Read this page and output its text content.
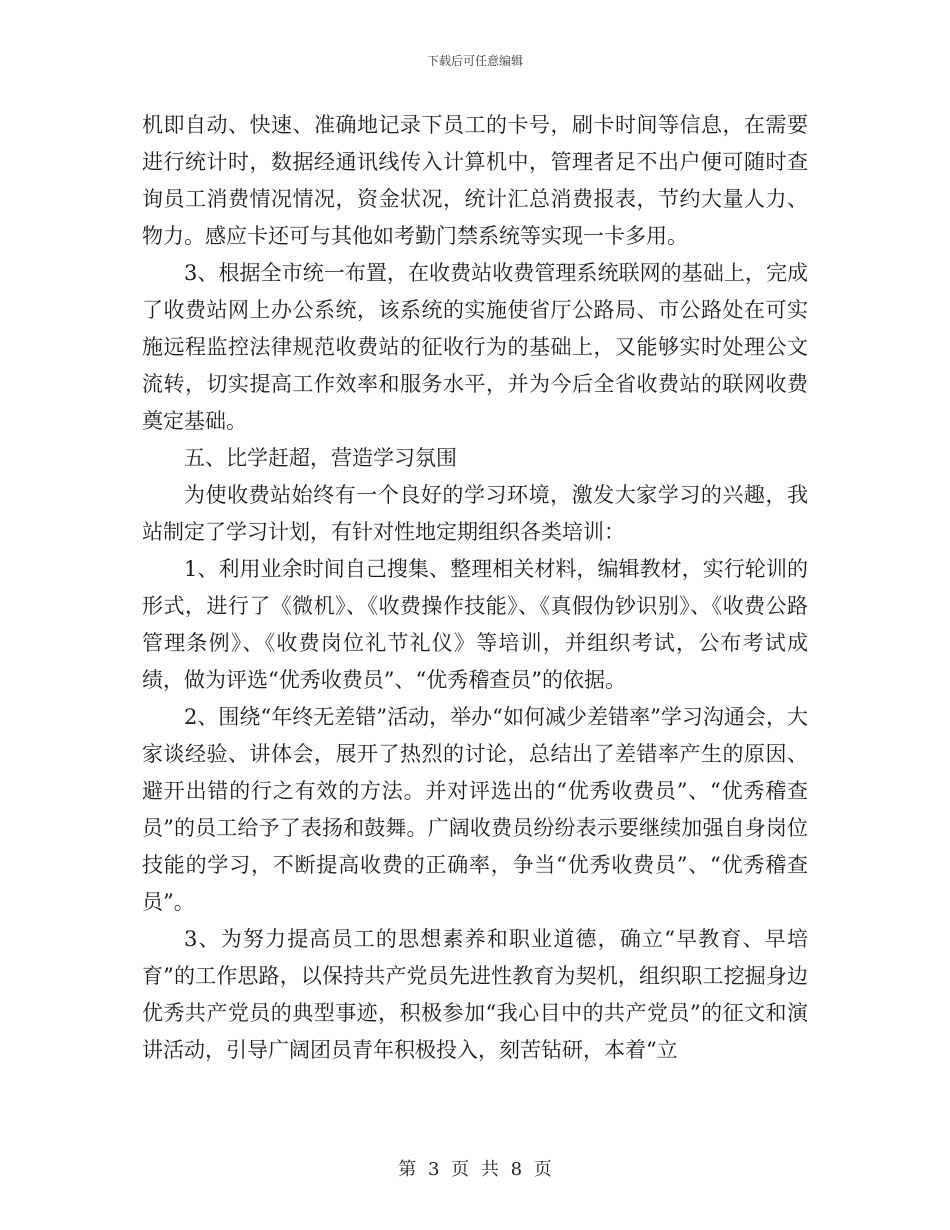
下载后可任意编辑

机即自动、快速、准确地记录下员工的卡号，刷卡时间等信息，在需要进行统计时，数据经通讯线传入计算机中，管理者足不出户便可随时查询员工消费情况情况，资金状况，统计汇总消费报表，节约大量人力、物力。感应卡还可与其他如考勤门禁系统等实现一卡多用。

3、根据全市统一布置，在收费站收费管理系统联网的基础上，完成了收费站网上办公系统，该系统的实施使省厅公路局、市公路处在可实施远程监控法律规范收费站的征收行为的基础上，又能够实时处理公文流转，切实提高工作效率和服务水平，并为今后全省收费站的联网收费奠定基础。

五、比学赶超，营造学习氛围

为使收费站始终有一个良好的学习环境，激发大家学习的兴趣，我站制定了学习计划，有针对性地定期组织各类培训：

1、利用业余时间自己搜集、整理相关材料，编辑教材，实行轮训的形式，进行了《微机》、《收费操作技能》、《真假伪钞识别》、《收费公路管理条例》、《收费岗位礼节礼仪》等培训，并组织考试，公布考试成绩，做为评选“优秀收费员”、“优秀稽查员”的依据。

2、围绕“年终无差错”活动，举办“如何减少差错率”学习沟通会，大家谈经验、讲体会，展开了热烈的讨论，总结出了差错率产生的原因、避开出错的行之有效的方法。并对评选出的“优秀收费员”、“优秀稽查员”的员工给予了表扬和鼓舞。广阔收费员纷纷表示要继续加强自身岗位技能的学习，不断提高收费的正确率，争当“优秀收费员”、“优秀稽查员”。

3、为努力提高员工的思想素养和职业道德，确立“早教育、早培育”的工作思路，以保持共产党员先进性教育为契机，组织职工挖掘身边优秀共产党员的典型事迹，积极参加“我心目中的共产党员”的征文和演讲活动，引导广阔团员青年积极投入，刻苦钻研，本着“立

第 3 页 共 8 页
